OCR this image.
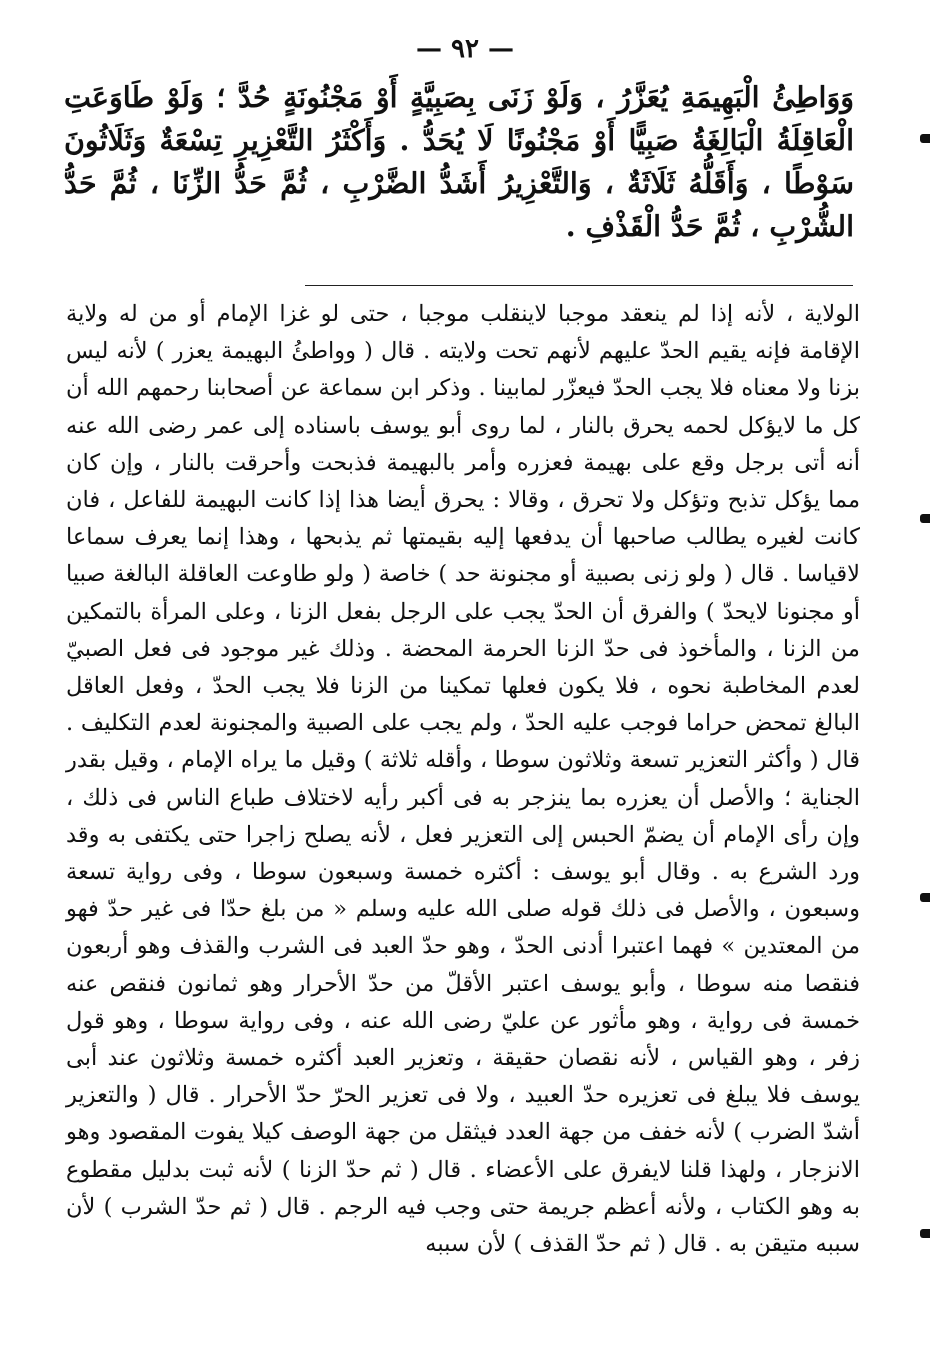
— ٩٢ —

وَوَاطِئُ الْبَهِيمَةِ يُعَزَّرُ ، وَلَوْ زَنَى بِصَبِيَّةٍ أَوْ مَجْنُونَةٍ حُدَّ ؛ وَلَوْ طَاوَعَتِ الْعَاقِلَةُ الْبَالِغَةُ صَبِيًّا أَوْ مَجْنُونًا لَا يُحَدُّ . وَأَكْثَرُ التَّعْزِيرِ تِسْعَةٌ وَثَلَاثُونَ سَوْطًا ، وَأَقَلُّهُ ثَلَاثَةٌ ، وَالتَّعْزِيرُ أَشَدُّ الضَّرْبِ ، ثُمَّ حَدُّ الزِّنَا ، ثُمَّ حَدُّ الشُّرْبِ ، ثُمَّ حَدُّ الْقَذْفِ .

الولاية ، لأنه إذا لم ينعقد موجبا لاينقلب موجبا ، حتى لو غزا الإمام أو من له ولاية الإقامة فإنه يقيم الحدّ عليهم لأنهم تحت ولايته . قال ( وواطئُ البهيمة يعزر ) لأنه ليس بزنا ولا معناه فلا يجب الحدّ فيعزّر لمابينا . وذكر ابن سماعة عن أصحابنا رحمهم الله أن كل ما لايؤكل لحمه يحرق بالنار ، لما روى أبو يوسف باسناده إلى عمر رضى الله عنه أنه أتى برجل وقع على بهيمة فعزره وأمر بالبهيمة فذبحت وأحرقت بالنار ، وإن كان مما يؤكل تذبح وتؤكل ولا تحرق ، وقالا : يحرق أيضا هذا إذا كانت البهيمة للفاعل ، فان كانت لغيره يطالب صاحبها أن يدفعها إليه بقيمتها ثم يذبحها ، وهذا إنما يعرف سماعا لاقياسا . قال ( ولو زنى بصبية أو مجنونة حد ) خاصة ( ولو طاوعت العاقلة البالغة صبيا أو مجنونا لايحدّ ) والفرق أن الحدّ يجب على الرجل بفعل الزنا ، وعلى المرأة بالتمكين من الزنا ، والمأخوذ فى حدّ الزنا الحرمة المحضة . وذلك غير موجود فى فعل الصبيّ لعدم المخاطبة نحوه ، فلا يكون فعلها تمكينا من الزنا فلا يجب الحدّ ، وفعل العاقل البالغ تمحض حراما فوجب عليه الحدّ ، ولم يجب على الصبية والمجنونة لعدم التكليف . قال ( وأكثر التعزير تسعة وثلاثون سوطا ، وأقله ثلاثة ) وقيل ما يراه الإمام ، وقيل بقدر الجناية ؛ والأصل أن يعزره بما ينزجر به فى أكبر رأيه لاختلاف طباع الناس فى ذلك ، وإن رأى الإمام أن يضمّ الحبس إلى التعزير فعل ، لأنه يصلح زاجرا حتى يكتفى به وقد ورد الشرع به . وقال أبو يوسف : أكثره خمسة وسبعون سوطا ، وفى رواية تسعة وسبعون ، والأصل فى ذلك قوله صلى الله عليه وسلم « من بلغ حدّا فى غير حدّ فهو من المعتدين » فهما اعتبرا أدنى الحدّ ، وهو حدّ العبد فى الشرب والقذف وهو أربعون فنقصا منه سوطا ، وأبو يوسف اعتبر الأقلّ من حدّ الأحرار وهو ثمانون فنقص عنه خمسة فى رواية ، وهو مأثور عن عليّ رضى الله عنه ، وفى رواية سوطا ، وهو قول زفر ، وهو القياس ، لأنه نقصان حقيقة ، وتعزير العبد أكثره خمسة وثلاثون عند أبى يوسف فلا يبلغ فى تعزيره حدّ العبيد ، ولا فى تعزير الحرّ حدّ الأحرار . قال ( والتعزير أشدّ الضرب ) لأنه خفف من جهة العدد فيثقل من جهة الوصف كيلا يفوت المقصود وهو الانزجار ، ولهذا قلنا لايفرق على الأعضاء . قال ( ثم حدّ الزنا ) لأنه ثبت بدليل مقطوع به وهو الكتاب ، ولأنه أعظم جريمة حتى وجب فيه الرجم . قال ( ثم حدّ الشرب ) لأن سببه متيقن به . قال ( ثم حدّ القذف ) لأن سببه
